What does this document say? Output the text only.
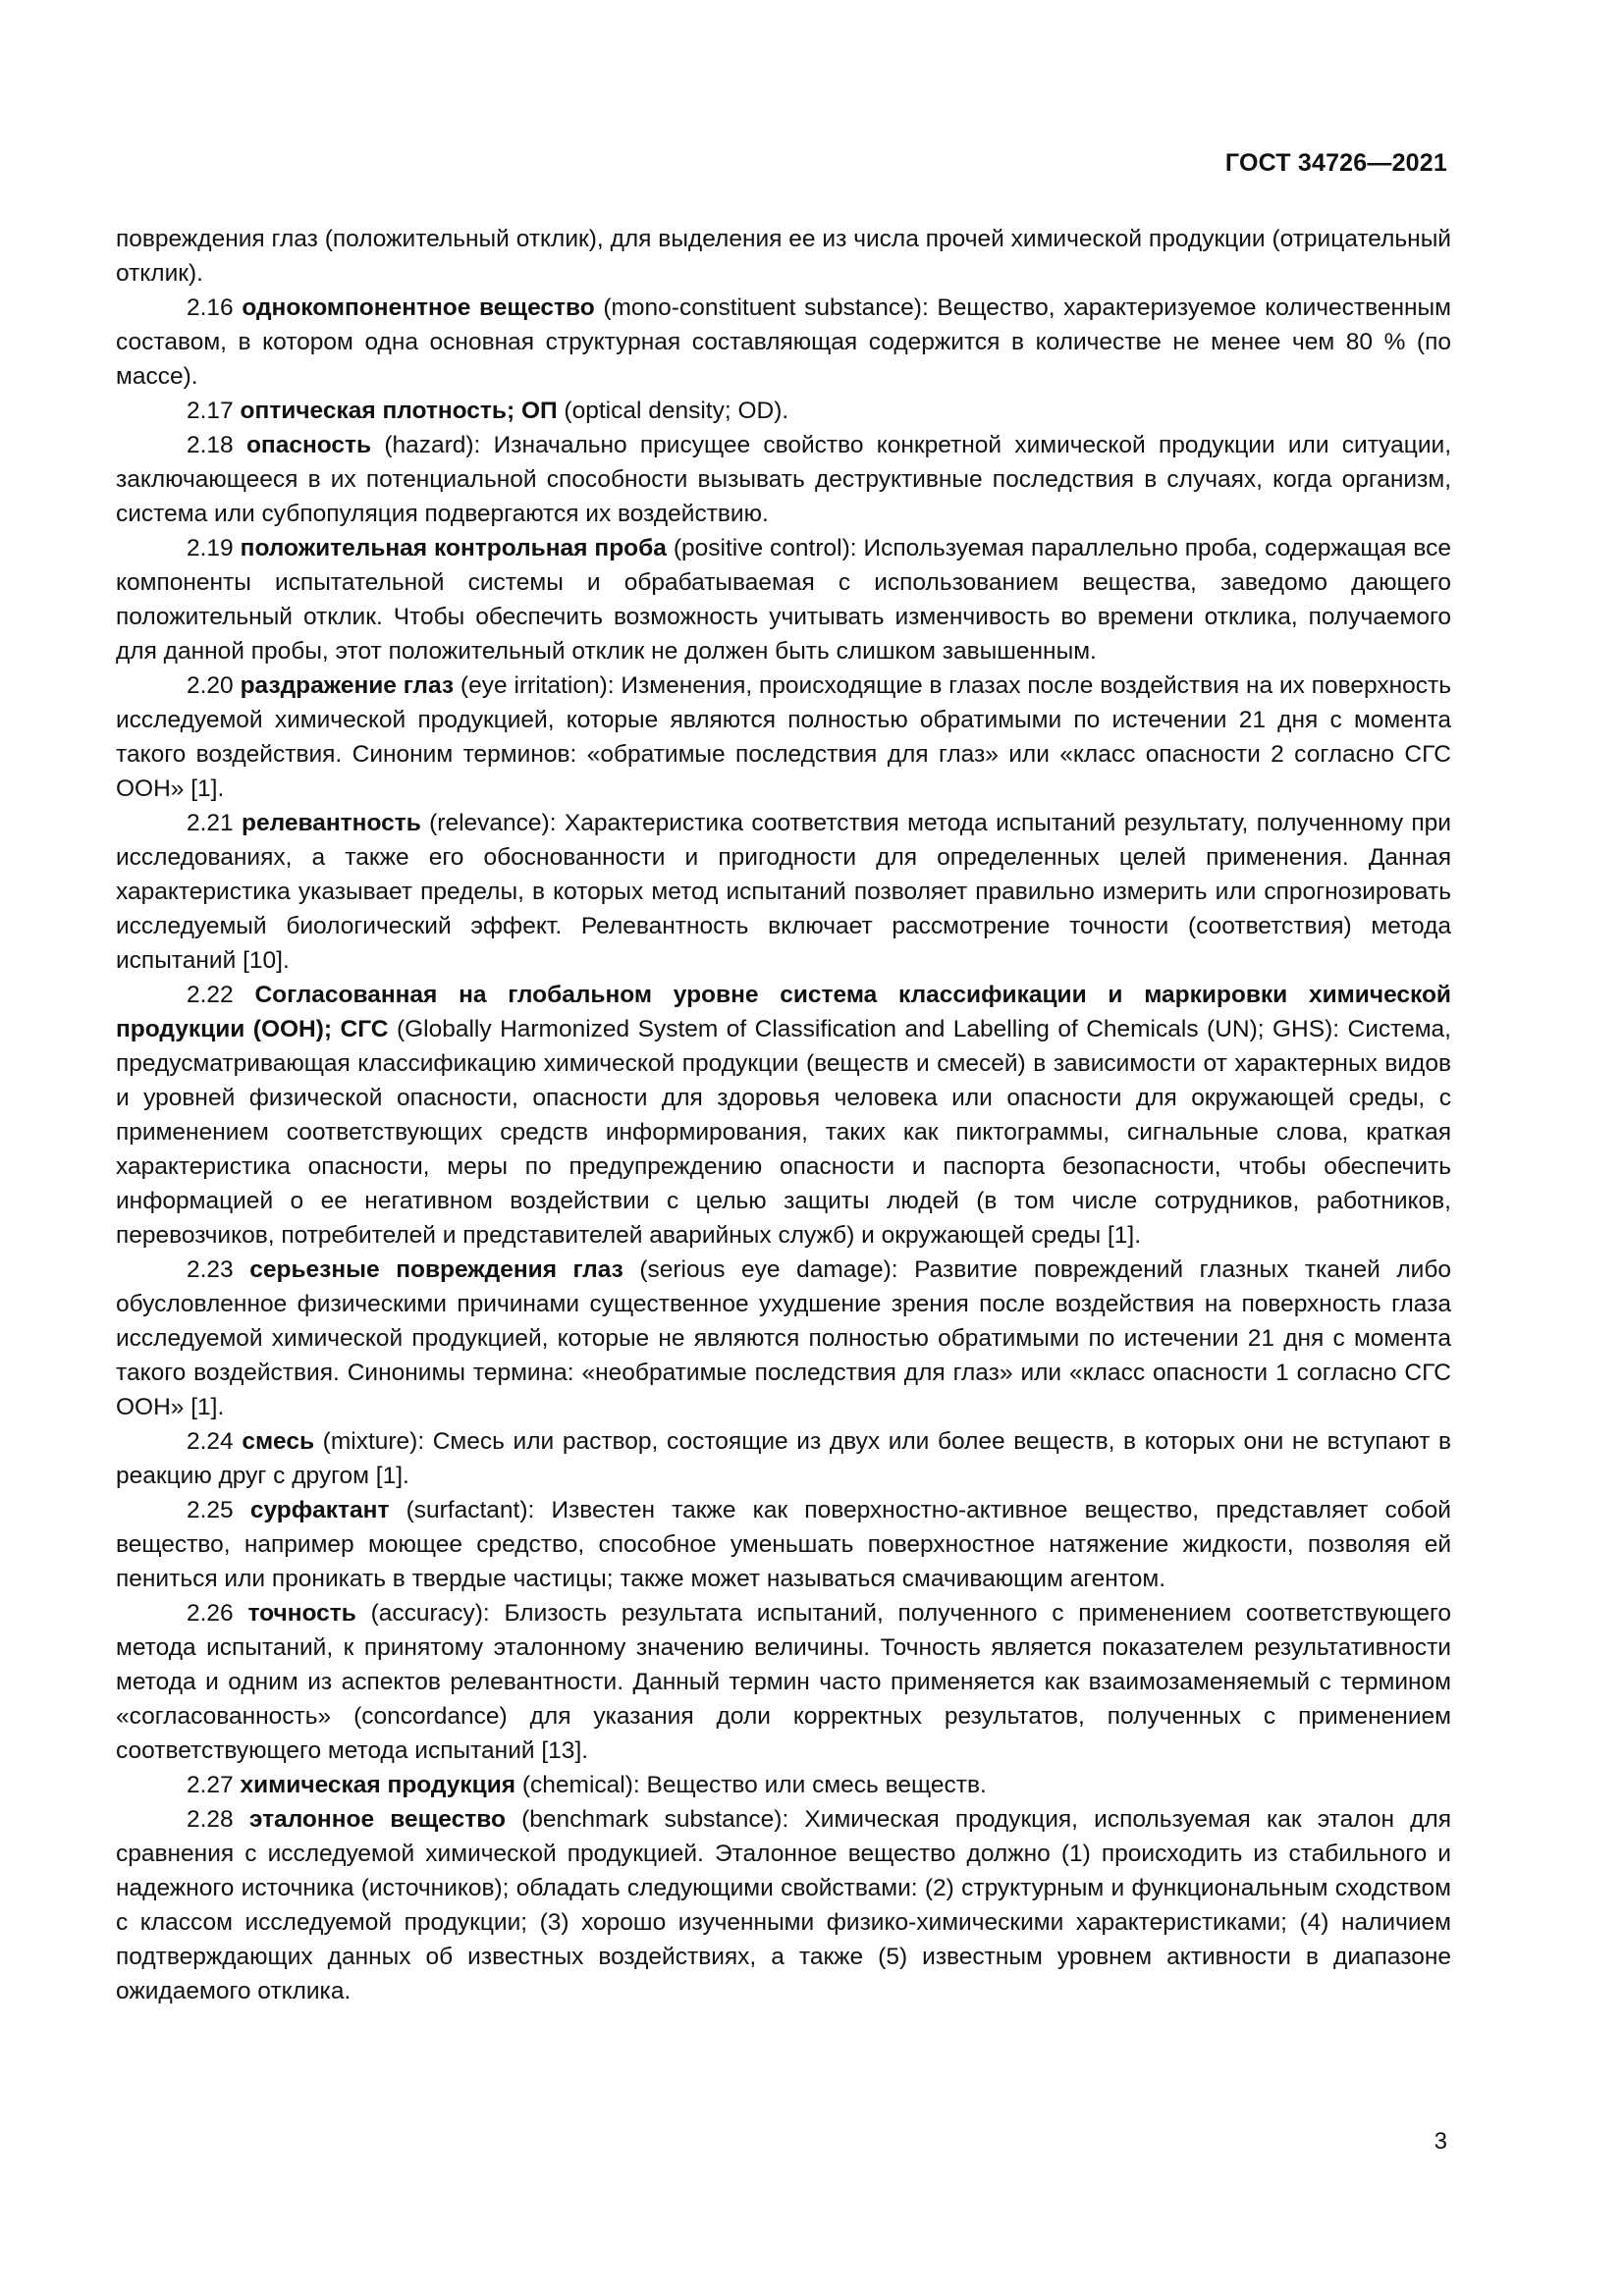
ГОСТ 34726—2021

повреждения глаз (положительный отклик), для выделения ее из числа прочей химической продукции (отрицательный отклик).

2.16 однокомпонентное вещество (mono-constituent substance): Вещество, характеризуемое количественным составом, в котором одна основная структурная составляющая содержится в количестве не менее чем 80 % (по массе).

2.17 оптическая плотность; ОП (optical density; OD).

2.18 опасность (hazard): Изначально присущее свойство конкретной химической продукции или ситуации, заключающееся в их потенциальной способности вызывать деструктивные последствия в случаях, когда организм, система или субпопуляция подвергаются их воздействию.

2.19 положительная контрольная проба (positive control): Используемая параллельно проба, содержащая все компоненты испытательной системы и обрабатываемая с использованием вещества, заведомо дающего положительный отклик. Чтобы обеспечить возможность учитывать изменчивость во времени отклика, получаемого для данной пробы, этот положительный отклик не должен быть слишком завышенным.

2.20 раздражение глаз (eye irritation): Изменения, происходящие в глазах после воздействия на их поверхность исследуемой химической продукцией, которые являются полностью обратимыми по истечении 21 дня с момента такого воздействия. Синоним терминов: «обратимые последствия для глаз» или «класс опасности 2 согласно СГС ООН» [1].

2.21 релевантность (relevance): Характеристика соответствия метода испытаний результату, полученному при исследованиях, а также его обоснованности и пригодности для определенных целей применения. Данная характеристика указывает пределы, в которых метод испытаний позволяет правильно измерить или спрогнозировать исследуемый биологический эффект. Релевантность включает рассмотрение точности (соответствия) метода испытаний [10].

2.22 Согласованная на глобальном уровне система классификации и маркировки химической продукции (ООН); СГС (Globally Harmonized System of Classification and Labelling of Chemicals (UN); GHS): Система, предусматривающая классификацию химической продукции (веществ и смесей) в зависимости от характерных видов и уровней физической опасности, опасности для здоровья человека или опасности для окружающей среды, с применением соответствующих средств информирования, таких как пиктограммы, сигнальные слова, краткая характеристика опасности, меры по предупреждению опасности и паспорта безопасности, чтобы обеспечить информацией о ее негативном воздействии с целью защиты людей (в том числе сотрудников, работников, перевозчиков, потребителей и представителей аварийных служб) и окружающей среды [1].

2.23 серьезные повреждения глаз (serious eye damage): Развитие повреждений глазных тканей либо обусловленное физическими причинами существенное ухудшение зрения после воздействия на поверхность глаза исследуемой химической продукцией, которые не являются полностью обратимыми по истечении 21 дня с момента такого воздействия. Синонимы термина: «необратимые последствия для глаз» или «класс опасности 1 согласно СГС ООН» [1].

2.24 смесь (mixture): Смесь или раствор, состоящие из двух или более веществ, в которых они не вступают в реакцию друг с другом [1].

2.25 сурфактант (surfactant): Известен также как поверхностно-активное вещество, представляет собой вещество, например моющее средство, способное уменьшать поверхностное натяжение жидкости, позволяя ей пениться или проникать в твердые частицы; также может называться смачивающим агентом.

2.26 точность (accuracy): Близость результата испытаний, полученного с применением соответствующего метода испытаний, к принятому эталонному значению величины. Точность является показателем результативности метода и одним из аспектов релевантности. Данный термин часто применяется как взаимозаменяемый с термином «согласованность» (concordance) для указания доли корректных результатов, полученных с применением соответствующего метода испытаний [13].

2.27 химическая продукция (chemical): Вещество или смесь веществ.

2.28 эталонное вещество (benchmark substance): Химическая продукция, используемая как эталон для сравнения с исследуемой химической продукцией. Эталонное вещество должно (1) происходить из стабильного и надежного источника (источников); обладать следующими свойствами: (2) структурным и функциональным сходством с классом исследуемой продукции; (3) хорошо изученными физико-химическими характеристиками; (4) наличием подтверждающих данных об известных воздействиях, а также (5) известным уровнем активности в диапазоне ожидаемого отклика.

3
